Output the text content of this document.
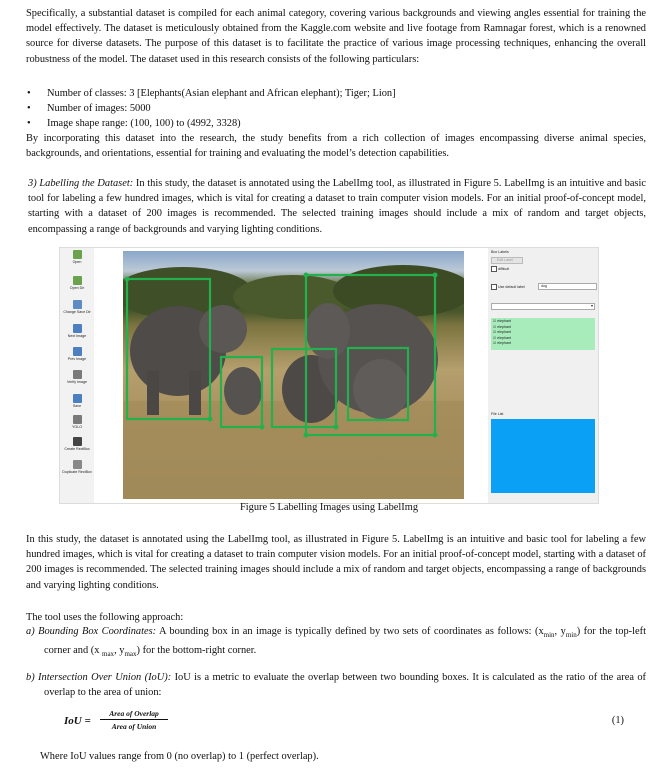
Specifically, a substantial dataset is compiled for each animal category, covering various backgrounds and viewing angles essential for training the model effectively. The dataset is meticulously obtained from the Kaggle.com website and live footage from Ramnagar forest, which is a renowned source for diverse datasets. The purpose of this dataset is to facilitate the practice of various image processing techniques, enhancing the overall robustness of the model. The dataset used in this research consists of the following particulars:

• Number of classes: 3 [Elephants(Asian elephant and African elephant); Tiger; Lion]
• Number of images: 5000
• Image shape range: (100, 100) to (4992, 3328)

By incorporating this dataset into the research, the study benefits from a rich collection of images encompassing diverse animal species, backgrounds, and orientations, essential for training and evaluating the model’s detection capabilities.

3) Labelling the Dataset: In this study, the dataset is annotated using the LabelImg tool, as illustrated in Figure 5. LabelImg is an intuitive and basic tool for labeling a few hundred images, which is vital for creating a dataset to train computer vision models. For an initial proof-of-concept model, starting with a dataset of 200 images is recommended. The selected training images should include a mix of random and target objects, encompassing a range of backgrounds and varying lighting conditions.

Open
Open Dir
Change Save Dir
Next Image
Prev Image
Verify Image
Save
YOLO
Create RectBox
Duplicate RectBox
Box Labels
Edit Label
difficult
Use default label	dog
▾
☑ elephant
☑ elephant
☑ elephant
☑ elephant
☑ elephant
File List
Figure 5 Labelling Images using LabelImg

In this study, the dataset is annotated using the LabelImg tool, as illustrated in Figure 5. LabelImg is an intuitive and basic tool for labeling a few hundred images, which is vital for creating a dataset to train computer vision models. For an initial proof-of-concept model, starting with a dataset of 200 images is recommended. The selected training images should include a mix of random and target objects, encompassing a range of backgrounds and varying lighting conditions.

The tool uses the following approach:

a) Bounding Box Coordinates: A bounding box in an image is typically defined by two sets of coordinates as follows: ($x_{min}$, $y_{min}$) for the top-left corner and (x $_{max}$, $y_{max}$) for the bottom-right corner.

b) Intersection Over Union (IoU): IoU is a metric to evaluate the overlap between two bounding boxes. It is calculated as the ratio of the area of overlap to the area of union:

IoU =
Area of Overlap
Area of Union
(1)

Where IoU values range from 0 (no overlap) to 1 (perfect overlap).
